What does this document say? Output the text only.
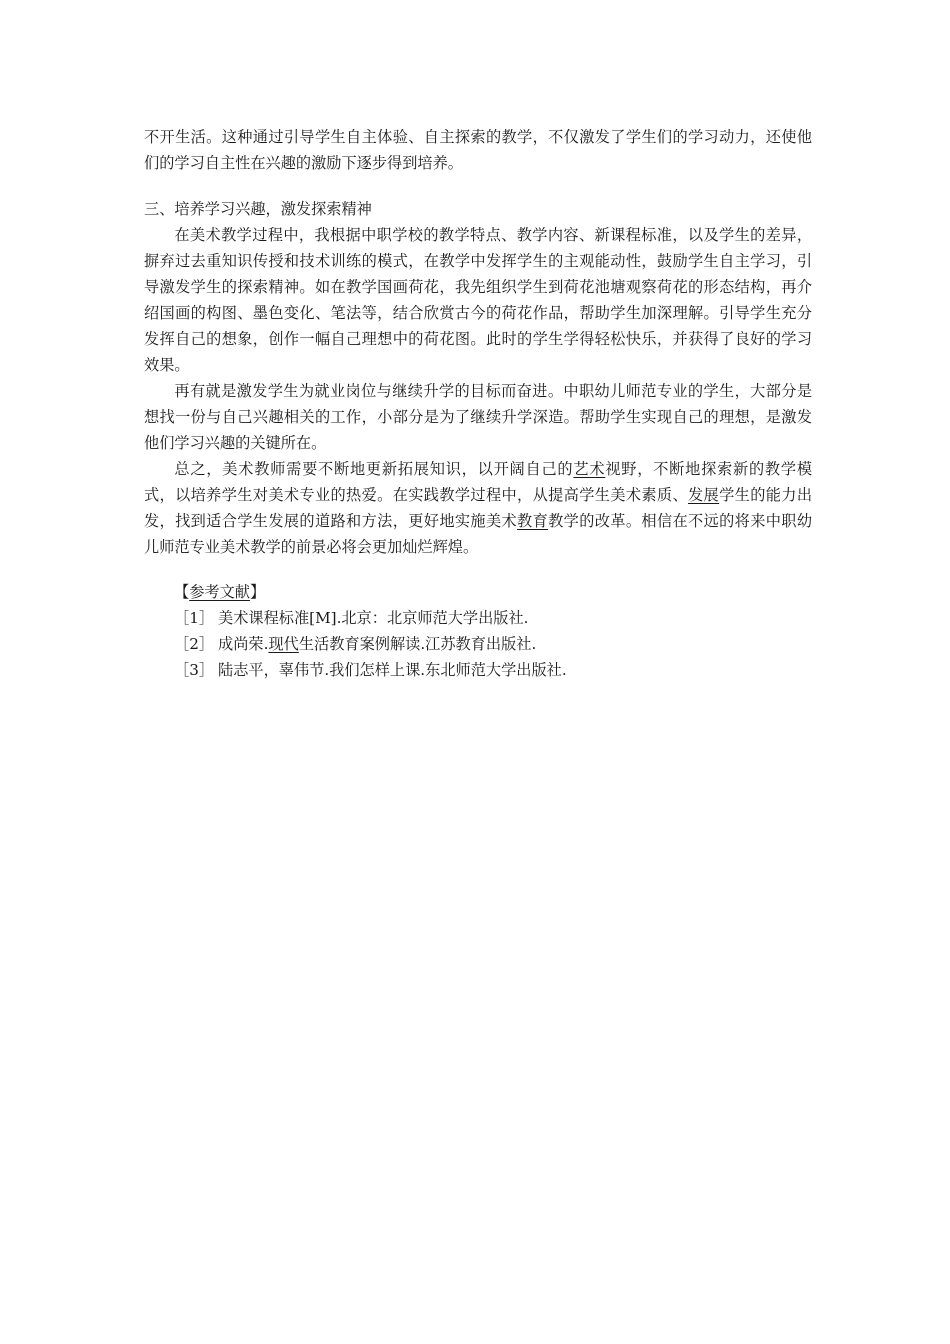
不开生活。这种通过引导学生自主体验、自主探索的教学，不仅激发了学生们的学习动力，还使他们的学习自主性在兴趣的激励下逐步得到培养。

三、培养学习兴趣，激发探索精神

在美术教学过程中，我根据中职学校的教学特点、教学内容、新课程标准，以及学生的差异，摒弃过去重知识传授和技术训练的模式，在教学中发挥学生的主观能动性，鼓励学生自主学习，引导激发学生的探索精神。如在教学国画荷花，我先组织学生到荷花池塘观察荷花的形态结构，再介绍国画的构图、墨色变化、笔法等，结合欣赏古今的荷花作品，帮助学生加深理解。引导学生充分发挥自己的想象，创作一幅自己理想中的荷花图。此时的学生学得轻松快乐，并获得了良好的学习效果。

再有就是激发学生为就业岗位与继续升学的目标而奋进。中职幼儿师范专业的学生，大部分是想找一份与自己兴趣相关的工作，小部分是为了继续升学深造。帮助学生实现自己的理想，是激发他们学习兴趣的关键所在。

总之，美术教师需要不断地更新拓展知识，以开阔自己的艺术视野，不断地探索新的教学模式，以培养学生对美术专业的热爱。在实践教学过程中，从提高学生美术素质、发展学生的能力出发，找到适合学生发展的道路和方法，更好地实施美术教育教学的改革。相信在不远的将来中职幼儿师范专业美术教学的前景必将会更加灿烂辉煌。

【参考文献】

［1］ 美术课程标准[M].北京：北京师范大学出版社.

［2］ 成尚荣.现代生活教育案例解读.江苏教育出版社.

［3］ 陆志平，辜伟节.我们怎样上课.东北师范大学出版社.
